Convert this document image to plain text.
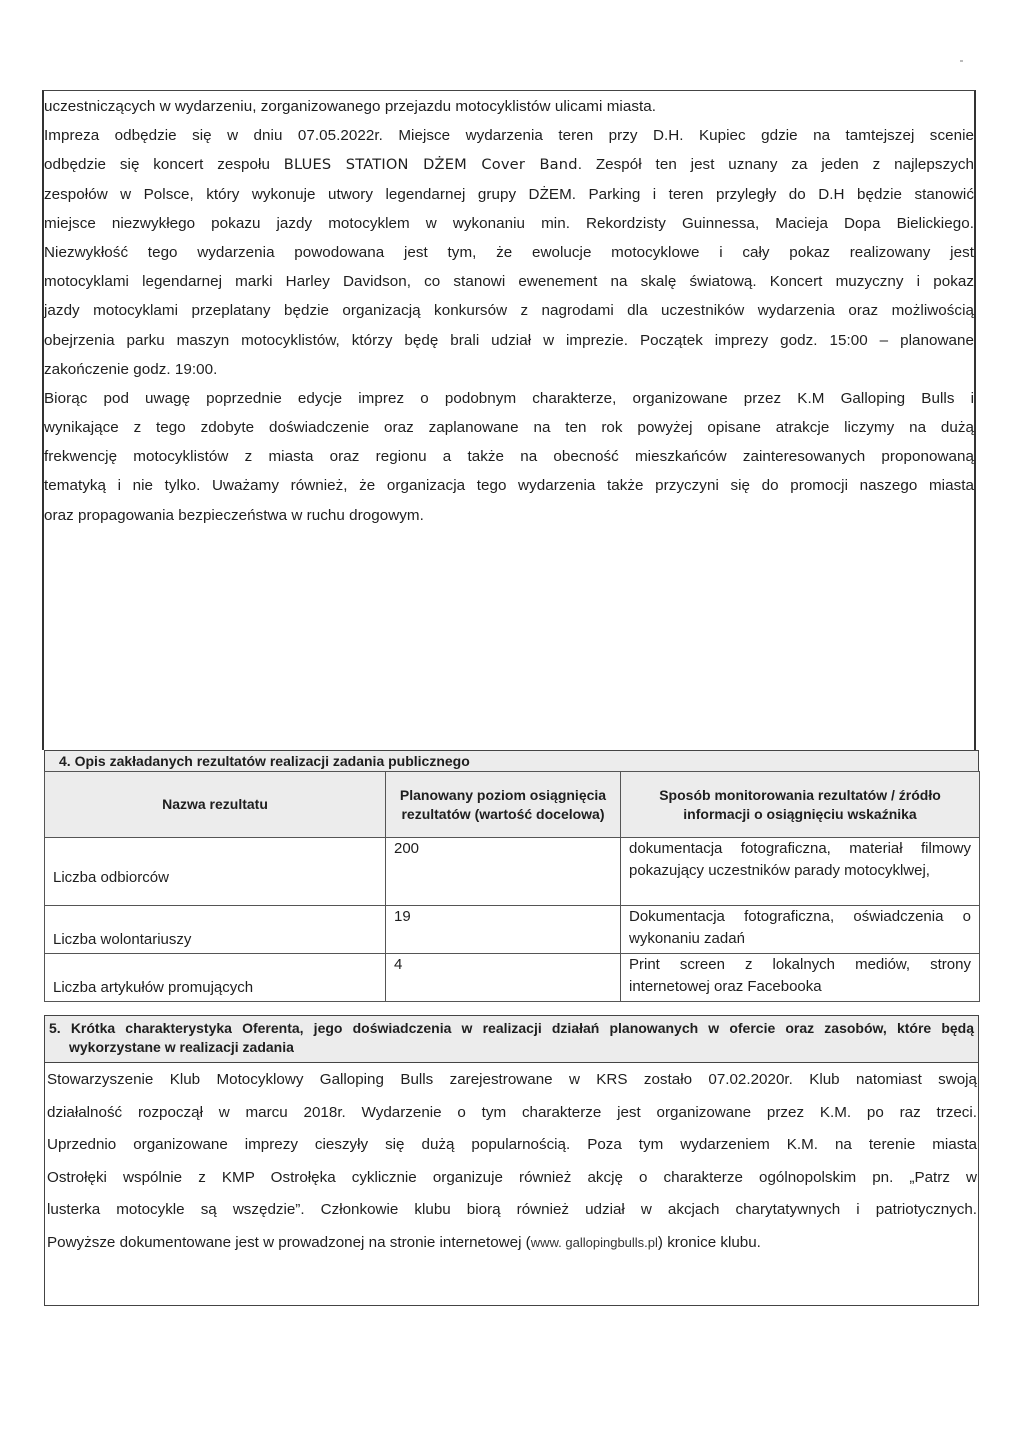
uczestniczących w wydarzeniu, zorganizowanego przejazdu motocyklistów ulicami miasta.
Impreza odbędzie się w dniu 07.05.2022r. Miejsce wydarzenia teren przy D.H. Kupiec gdzie na tamtejszej scenie
odbędzie się koncert zespołu BLUES STATION DŻEM Cover Band. Zespół ten jest uznany za jeden z najlepszych
zespołów w Polsce, który wykonuje utwory legendarnej grupy DŻEM. Parking i teren przyległy do D.H będzie stanowić
miejsce niezwykłego pokazu jazdy motocyklem w wykonaniu min. Rekordzisty Guinnessa, Macieja Dopa Bielickiego.
Niezwykłość tego wydarzenia powodowana jest tym, że ewolucje motocyklowe i cały pokaz realizowany jest
motocyklami legendarnej marki Harley Davidson, co stanowi ewenement na skalę światową. Koncert muzyczny i pokaz
jazdy motocyklami przeplatany będzie organizacją konkursów z nagrodami dla uczestników wydarzenia oraz możliwością
obejrzenia parku maszyn motocyklistów, którzy będę brali udział w imprezie. Początek imprezy godz. 15:00 – planowane
zakończenie godz. 19:00.
Biorąc pod uwagę poprzednie edycje imprez o podobnym charakterze, organizowane przez K.M Galloping Bulls i
wynikające z tego zdobyte doświadczenie oraz zaplanowane na ten rok powyżej opisane atrakcje liczymy na dużą
frekwencję motocyklistów z miasta oraz regionu a także na obecność mieszkańców zainteresowanych proponowaną
tematyką i nie tylko. Uważamy również, że organizacja tego wydarzenia także przyczyni się do promocji naszego miasta
oraz propagowania bezpieczeństwa w ruchu drogowym.
4. Opis zakładanych rezultatów realizacji zadania publicznego
Nazwa rezultatu	Planowany poziom osiągnięcia rezultatów (wartość docelowa)	Sposób monitorowania rezultatów / źródło informacji o osiągnięciu wskaźnika
Liczba odbiorców	200	dokumentacja fotograficzna, materiał filmowy pokazujący uczestników parady motocyklwej,
Liczba wolontariuszy	19	Dokumentacja fotograficzna, oświadczenia o wykonaniu zadań
Liczba artykułów promujących	4	Print screen z lokalnych mediów, strony internetowej oraz Facebooka
5. Krótka charakterystyka Oferenta, jego doświadczenia w realizacji działań planowanych w ofercie oraz zasobów, które będą
wykorzystane w realizacji zadania
Stowarzyszenie Klub Motocyklowy Galloping Bulls zarejestrowane w KRS zostało 07.02.2020r. Klub natomiast swoją
działalność rozpoczął w marcu 2018r. Wydarzenie o tym charakterze jest organizowane przez K.M. po raz trzeci.
Uprzednio organizowane imprezy cieszyły się dużą popularnością. Poza tym wydarzeniem K.M. na terenie miasta
Ostrołęki wspólnie z KMP Ostrołęka cyklicznie organizuje również akcję o charakterze ogólnopolskim pn. „Patrz w
lusterka motocykle są wszędzie”. Członkowie klubu biorą również udział w akcjach charytatywnych i patriotycznych.
Powyższe dokumentowane jest w prowadzonej na stronie internetowej (www. gallopingbulls.pl) kronice klubu.
